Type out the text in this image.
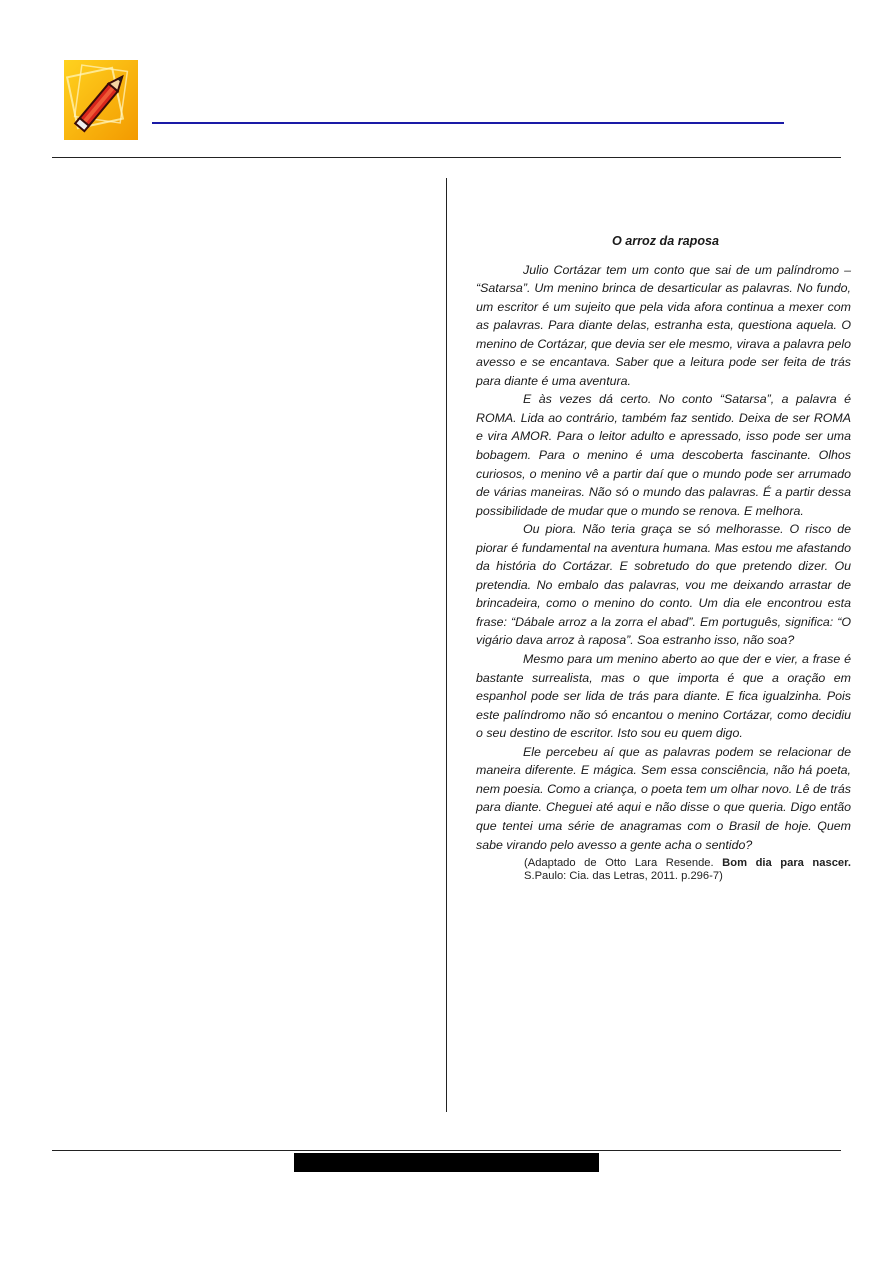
O arroz da raposa

Julio Cortázar tem um conto que sai de um palíndromo – “Satarsa”. Um menino brinca de desarticular as palavras. No fundo, um escritor é um sujeito que pela vida afora continua a mexer com as palavras. Para diante delas, estranha esta, questiona aquela. O menino de Cortázar, que devia ser ele mesmo, virava a palavra pelo avesso e se encantava. Saber que a leitura pode ser feita de trás para diante é uma aventura.

E às vezes dá certo. No conto “Satarsa”, a palavra é ROMA. Lida ao contrário, também faz sentido. Deixa de ser ROMA e vira AMOR. Para o leitor adulto e apressado, isso pode ser uma bobagem. Para o menino é uma descoberta fascinante. Olhos curiosos, o menino vê a partir daí que o mundo pode ser arrumado de várias maneiras. Não só o mundo das palavras. É a partir dessa possibilidade de mudar que o mundo se renova. E melhora.

Ou piora. Não teria graça se só melhorasse. O risco de piorar é fundamental na aventura humana. Mas estou me afastando da história do Cortázar. E sobretudo do que pretendo dizer. Ou pretendia. No embalo das palavras, vou me deixando arrastar de brincadeira, como o menino do conto. Um dia ele encontrou esta frase: “Dábale arroz a la zorra el abad”. Em português, significa: “O vigário dava arroz à raposa”. Soa estranho isso, não soa?

Mesmo para um menino aberto ao que der e vier, a frase é bastante surrealista, mas o que importa é que a oração em espanhol pode ser lida de trás para diante. E fica igualzinha. Pois este palíndromo não só encantou o menino Cortázar, como decidiu o seu destino de escritor. Isto sou eu quem digo.

Ele percebeu aí que as palavras podem se relacionar de maneira diferente. E mágica. Sem essa consciência, não há poeta, nem poesia. Como a criança, o poeta tem um olhar novo. Lê de trás para diante. Cheguei até aqui e não disse o que queria. Digo então que tentei uma série de anagramas com o Brasil de hoje. Quem sabe virando pelo avesso a gente acha o sentido?

(Adaptado de Otto Lara Resende. Bom dia para nascer. S.Paulo: Cia. das Letras, 2011. p.296-7)
